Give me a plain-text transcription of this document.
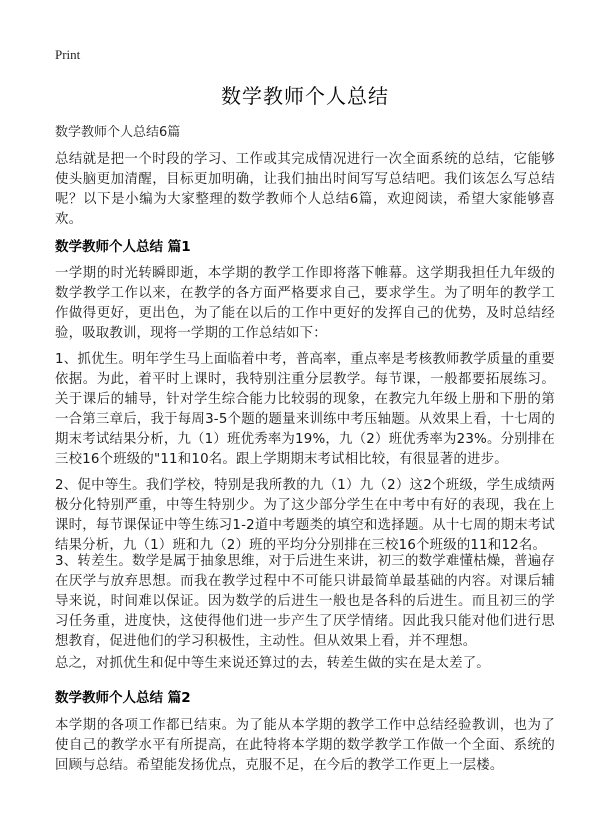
Print
数学教师个人总结

数学教师个人总结6篇

总结就是把一个时段的学习、工作或其完成情况进行一次全面系统的总结，它能够使头脑更加清醒，目标更加明确，让我们抽出时间写写总结吧。我们该怎么写总结呢？以下是小编为大家整理的数学教师个人总结6篇，欢迎阅读，希望大家能够喜欢。

数学教师个人总结 篇1

一学期的时光转瞬即逝，本学期的教学工作即将落下帷幕。这学期我担任九年级的数学教学工作以来，在教学的各方面严格要求自己，要求学生。为了明年的教学工作做得更好，更出色，为了能在以后的工作中更好的发挥自己的优势，及时总结经验，吸取教训，现将一学期的工作总结如下：

1、抓优生。明年学生马上面临着中考，普高率，重点率是考核教师教学质量的重要依据。为此，着平时上课时，我特别注重分层教学。每节课，一般都要拓展练习。关于课后的辅导，针对学生综合能力比较弱的现象，在教完九年级上册和下册的第一合第三章后，我于每周3-5个题的题量来训练中考压轴题。从效果上看，十七周的期末考试结果分析，九（1）班优秀率为19%，九（2）班优秀率为23%。分别排在三校16个班级的"11和10名。跟上学期期末考试相比较，有很显著的进步。

2、促中等生。我们学校，特别是我所教的九（1）九（2）这2个班级，学生成绩两极分化特别严重，中等生特别少。为了这少部分学生在中考中有好的表现，我在上课时，每节课保证中等生练习1-2道中考题类的填空和选择题。从十七周的期末考试结果分析，九（1）班和九（2）班的平均分分别排在三校16个班级的11和12名。

3、转差生。数学是属于抽象思维，对于后进生来讲，初三的数学难懂枯燥，普遍存在厌学与放弃思想。而我在教学过程中不可能只讲最简单最基础的内容。对课后辅导来说，时间难以保证。因为数学的后进生一般也是各科的后进生。而且初三的学习任务重，进度快，这使得他们进一步产生了厌学情绪。因此我只能对他们进行思想教育，促进他们的学习积极性，主动性。但从效果上看，并不理想。

总之，对抓优生和促中等生来说还算过的去，转差生做的实在是太差了。

数学教师个人总结 篇2

本学期的各项工作都已结束。为了能从本学期的教学工作中总结经验教训，也为了使自己的教学水平有所提高，在此特将本学期的数学教学工作做一个全面、系统的回顾与总结。希望能发扬优点，克服不足，在今后的教学工作更上一层楼。
